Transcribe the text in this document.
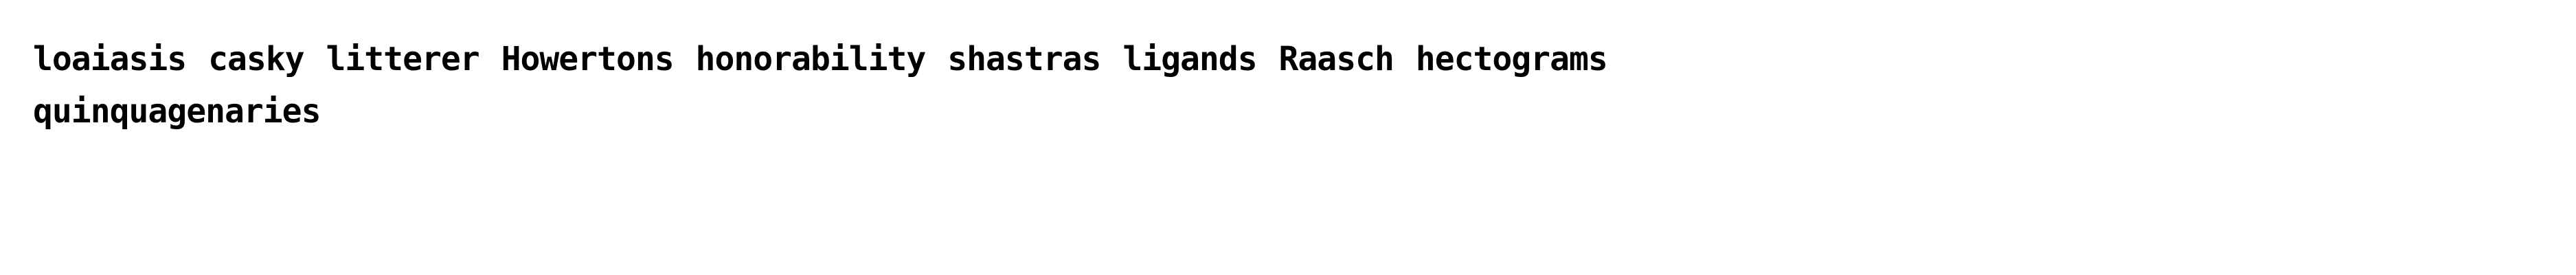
loaiasis casky litterer Howertons honorability shastras ligands Raasch hectograms quinquagenaries
